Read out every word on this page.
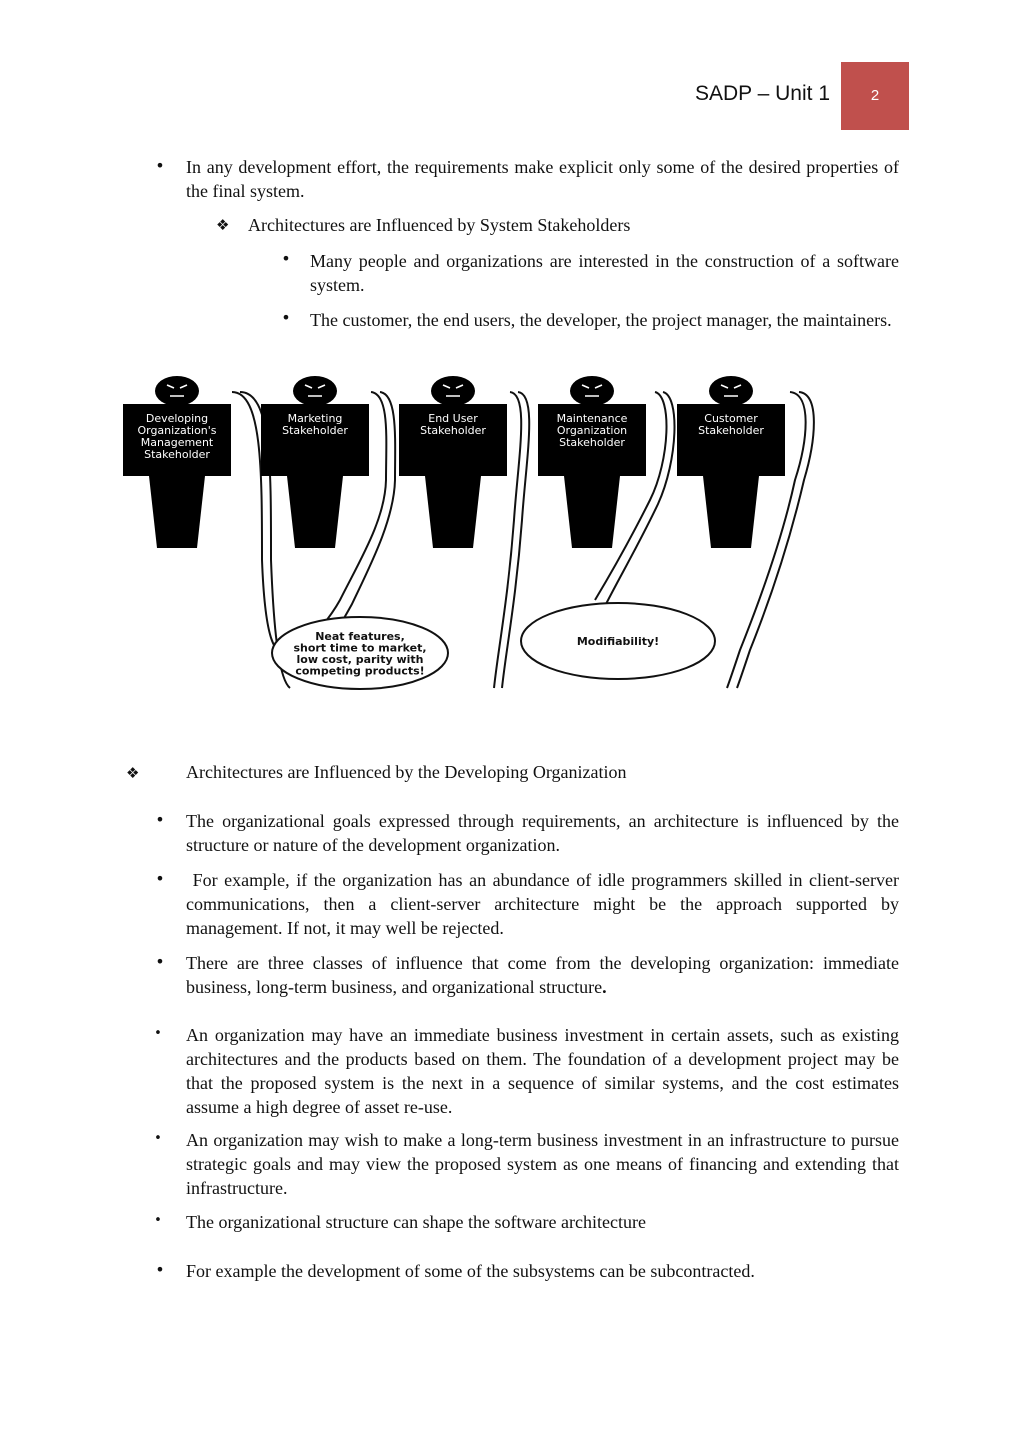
SADP – Unit 1	2
• In any development effort, the requirements make explicit only some of the desired properties of the final system.
❖ Architectures are Influenced by System Stakeholders
• Many people and organizations are interested in the construction of a software system.
• The customer, the end users, the developer, the project manager, the maintainers.
Neat features,
short time to market,
low cost, parity with
competing products!
Modifiability!
Developing
Organization's
Management
Stakeholder
Marketing
Stakeholder
End User
Stakeholder
Maintenance
Organization
Stakeholder
Customer
Stakeholder
❖	Architectures are Influenced by the Developing Organization
• The organizational goals expressed through requirements, an architecture is influenced by the structure or nature of the development organization.
• For example, if the organization has an abundance of idle programmers skilled in client-server communications, then a client-server architecture might be the approach supported by management. If not, it may well be rejected.
• There are three classes of influence that come from the developing organization: immediate business, long-term business, and organizational structure.
•	An organization may have an immediate business investment in certain assets, such as existing architectures and the products based on them. The foundation of a development project may be that the proposed system is the next in a sequence of similar systems, and the cost estimates assume a high degree of asset re-use.
•	An organization may wish to make a long-term business investment in an infrastructure to pursue strategic goals and may view the proposed system as one means of financing and extending that infrastructure.
•	The organizational structure can shape the software architecture
• For example the development of some of the subsystems can be subcontracted.
